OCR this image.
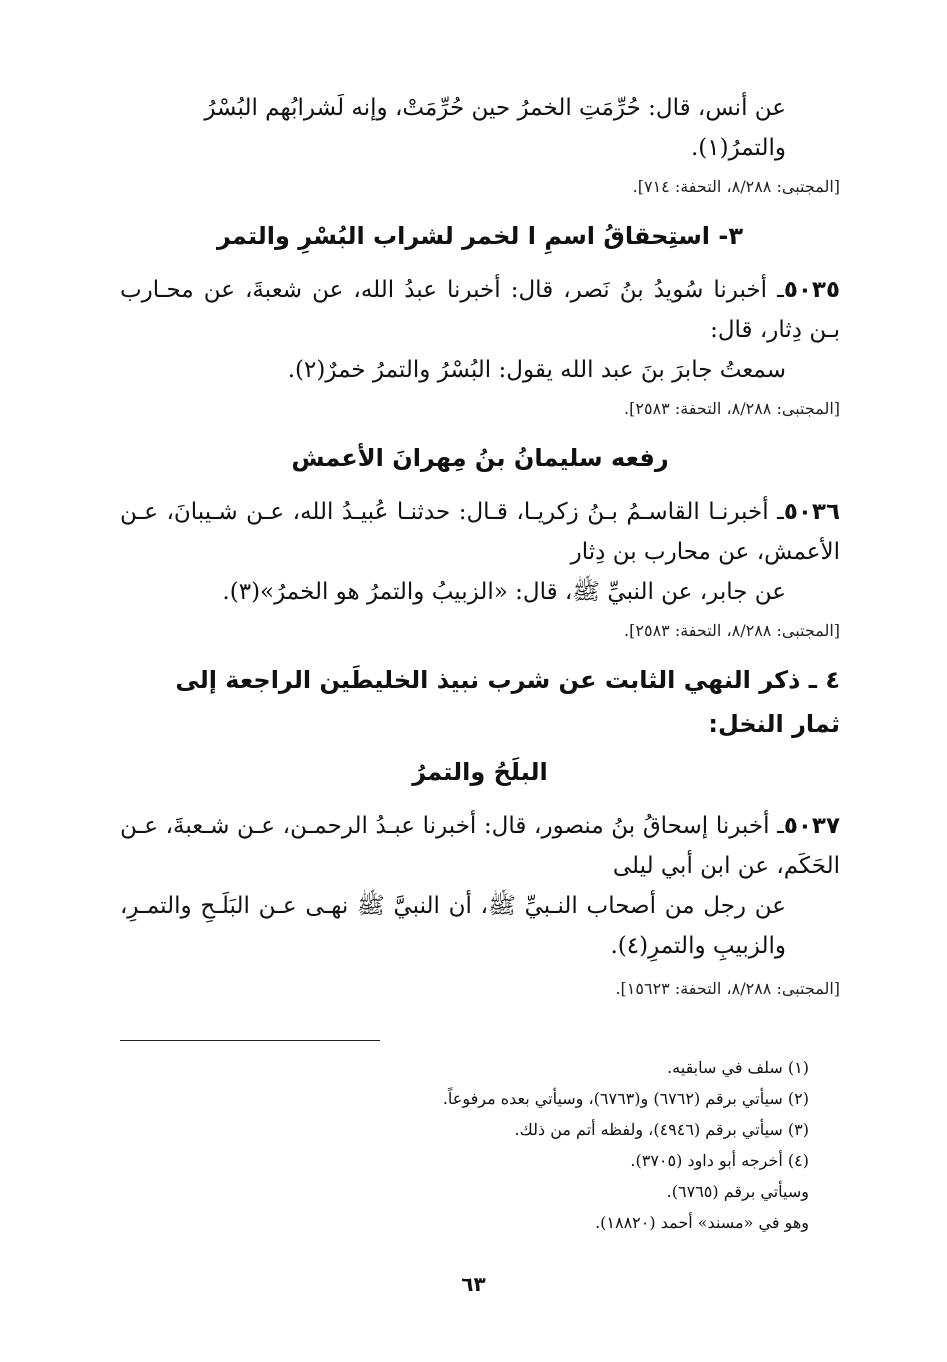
عن أنس، قال: حُرِّمَتِ الخمرُ حين حُرِّمَتْ، وإنه لَشرابُهم البُسْرُ والتمرُ(١).

[المجتبى: ٨/٢٨٨، التحفة: ٧١٤].

٣- استِحقاقُ اسمِ ا لخمر لشراب البُسْرِ والتمر

٥٠٣٥ـ أخبرنا سُويدُ بنُ نَصر، قال: أخبرنا عبدُ الله، عن شعبةَ، عن محـارب بـن دِثار، قال:

سمعتُ جابرَ بنَ عبد الله يقول: البُسْرُ والتمرُ خمرٌ(٢).

[المجتبى: ٨/٢٨٨، التحفة: ٢٥٨٣].

رفعه سليمانُ بنُ مِهرانَ الأعمش

٥٠٣٦ـ أخبرنـا القاسـمُ بـنُ زكريـا، قـال: حدثنـا عُبيـدُ الله، عـن شـيبانَ، عـن الأعمش، عن محارب بن دِثار

عن جابر، عن النبيِّ ﷺ، قال: «الزبيبُ والتمرُ هو الخمرُ»(٣).

[المجتبى: ٨/٢٨٨، التحفة: ٢٥٨٣].

٤ ـ ذكر النهي الثابت عن شرب نبيذ الخليطَين الراجعة إلى ثمار النخل:

البلَحُ والتمرُ

٥٠٣٧ـ أخبرنا إسحاقُ بنُ منصور، قال: أخبرنا عبـدُ الرحمـن، عـن شـعبةَ، عـن الحَكَم، عن ابن أبي ليلى

عن رجل من أصحاب النـبيِّ ﷺ، أن النبيَّ ﷺ نهـى عـن البَلَـحِ والتمـرِ، والزبيبِ والتمرِ(٤).

[المجتبى: ٨/٢٨٨، التحفة: ١٥٦٢٣].

(١) سلف في سابقيه.

(٢) سيأتي برقم (٦٧٦٢) و(٦٧٦٣)، وسيأتي بعده مرفوعاً.

(٣) سيأتي برقم (٤٩٤٦)، ولفظه أتم من ذلك.

(٤) أخرجه أبو داود (٣٧٠٥).

وسيأتي برقم (٦٧٦٥).

وهو في «مسند» أحمد (١٨٨٢٠).

٦٣
